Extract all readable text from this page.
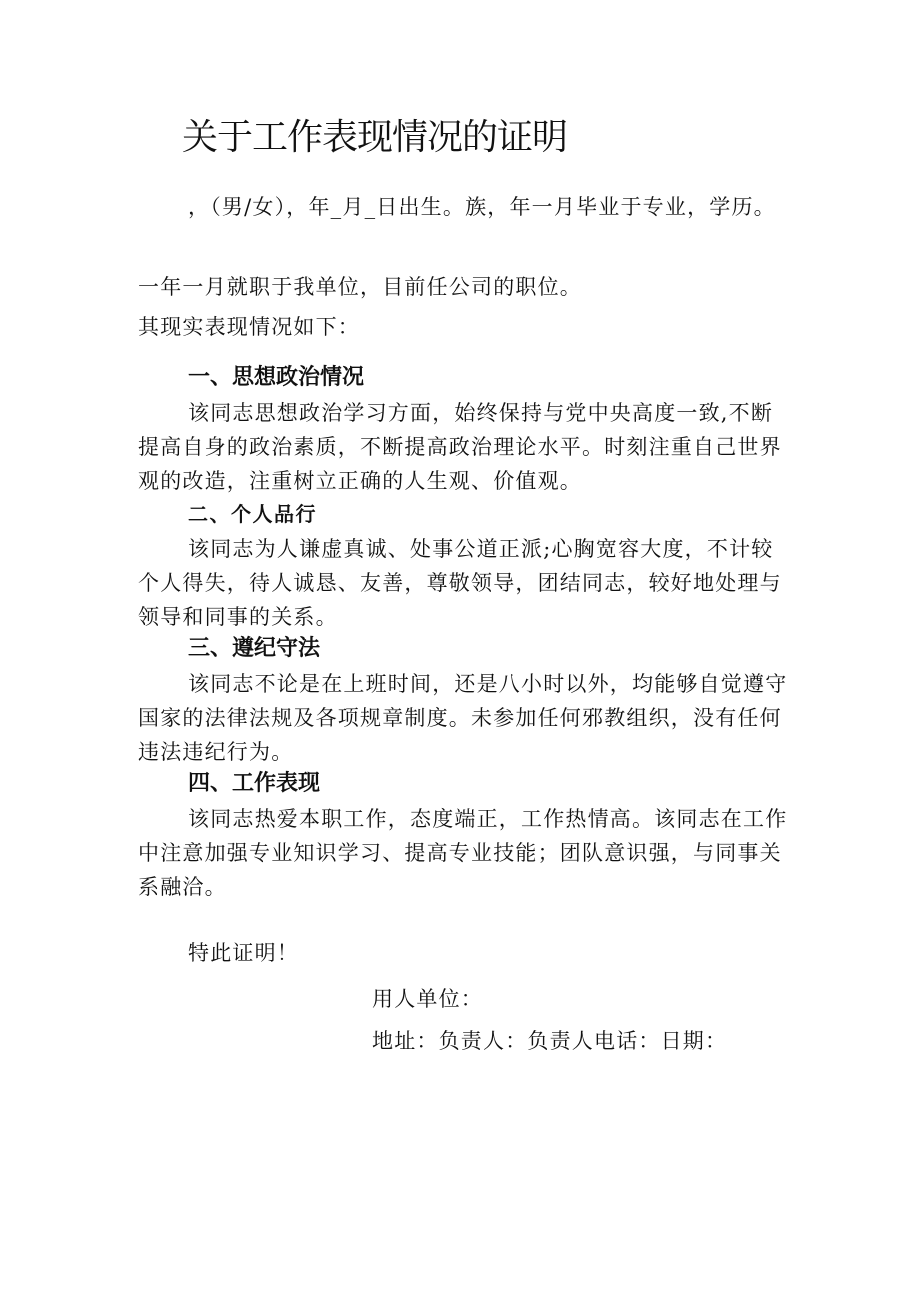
关于工作表现情况的证明

，（男/女），年_月_日出生。族，年一月毕业于专业，学历。

一年一月就职于我单位，目前任公司的职位。

其现实表现情况如下：

一、思想政治情况

该同志思想政治学习方面，始终保持与党中央高度一致,不断提高自身的政治素质，不断提高政治理论水平。时刻注重自己世界观的改造，注重树立正确的人生观、价值观。

二、个人品行

该同志为人谦虚真诚、处事公道正派;心胸宽容大度，不计较个人得失，待人诚恳、友善，尊敬领导，团结同志，较好地处理与领导和同事的关系。

三、遵纪守法

该同志不论是在上班时间，还是八小时以外，均能够自觉遵守国家的法律法规及各项规章制度。未参加任何邪教组织，没有任何违法违纪行为。

四、工作表现

该同志热爱本职工作，态度端正，工作热情高。该同志在工作中注意加强专业知识学习、提高专业技能；团队意识强，与同事关系融洽。

特此证明！

用人单位：

地址：负责人：负责人电话：日期：
